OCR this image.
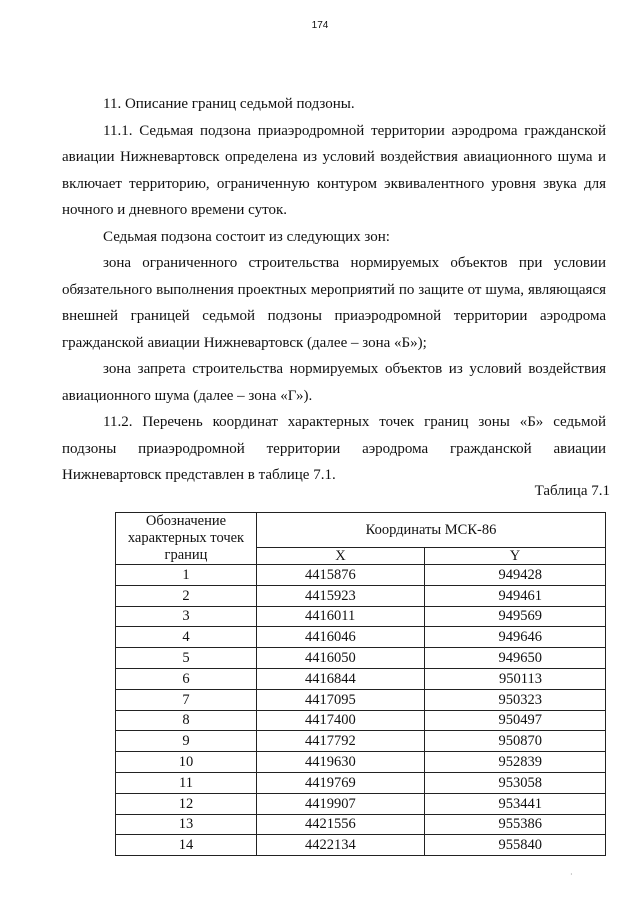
174

11. Описание границ седьмой подзоны.

11.1. Седьмая подзона приаэродромной территории аэродрома гражданской авиации Нижневартовск определена из условий воздействия авиационного шума и включает территорию, ограниченную контуром эквивалентного уровня звука для ночного и дневного времени суток.

Седьмая подзона состоит из следующих зон:

зона ограниченного строительства нормируемых объектов при условии обязательного выполнения проектных мероприятий по защите от шума, являющаяся внешней границей седьмой подзоны приаэродромной территории аэродрома гражданской авиации Нижневартовск (далее – зона «Б»);

зона запрета строительства нормируемых объектов из условий воздействия авиационного шума (далее – зона «Г»).

11.2. Перечень координат характерных точек границ зоны «Б» седьмой

подзоны приаэродромной территории аэродрома гражданской авиации

Нижневартовск представлен в таблице 7.1.

Таблица 7.1
Обозначение характерных точек границ	Координаты МСК-86	
	X	Y
1	4415876	949428
2	4415923	949461
3	4416011	949569
4	4416046	949646
5	4416050	949650
6	4416844	950113
7	4417095	950323
8	4417400	950497
9	4417792	950870
10	4419630	952839
11	4419769	953058
12	4419907	953441
13	4421556	955386
14	4422134	955840
·
